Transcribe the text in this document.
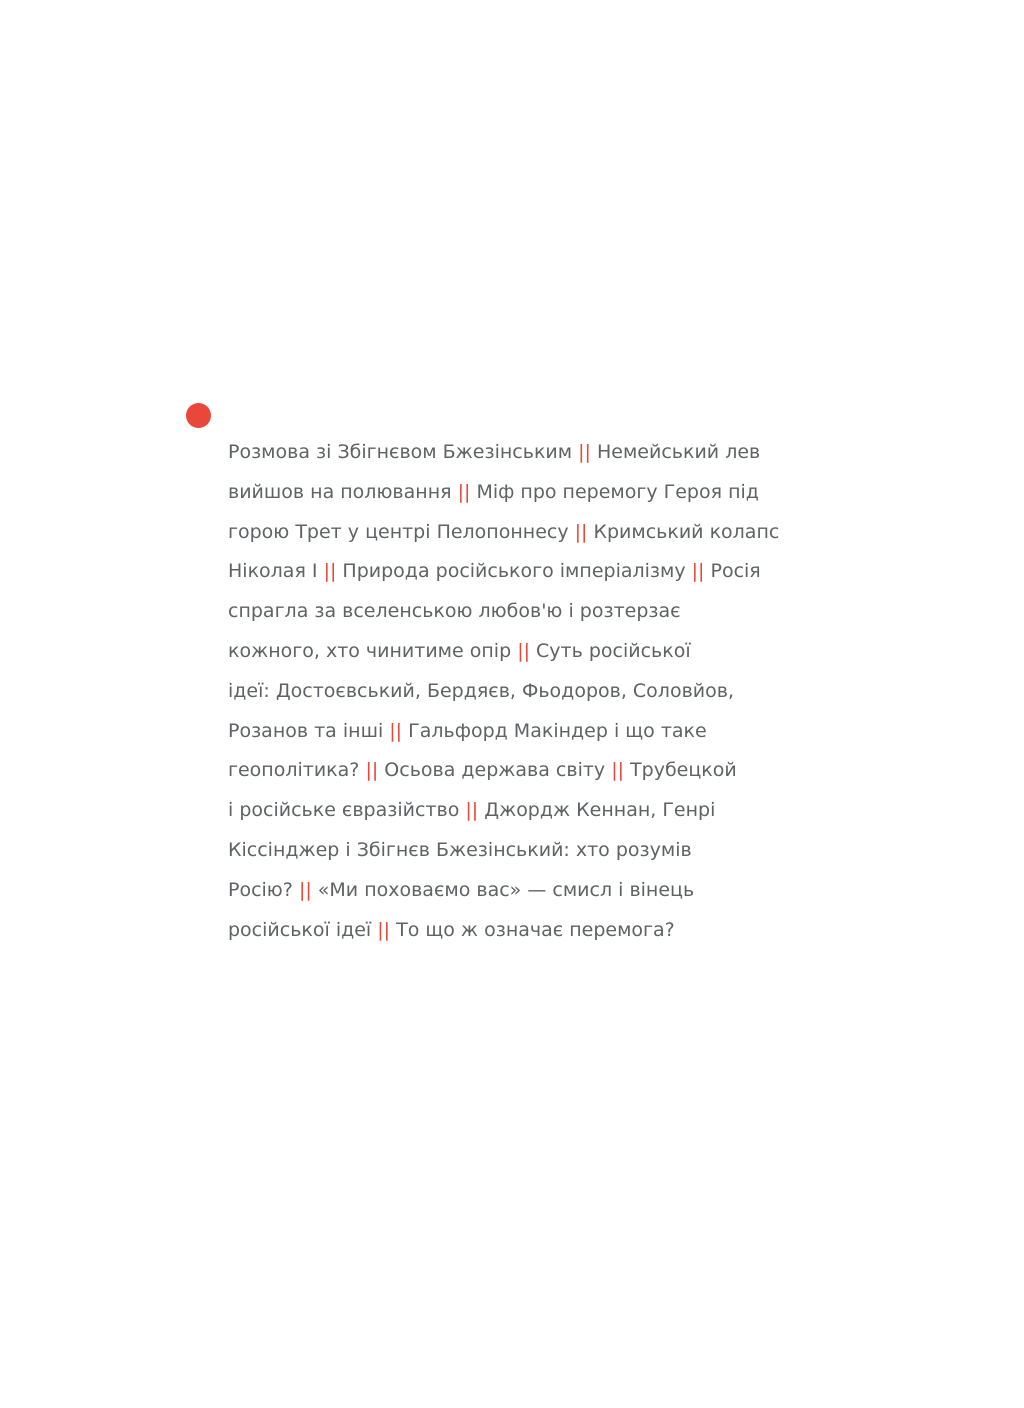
Розмова зі Збігнєвом Бжезінським || Немейський лев
вийшов на полювання || Міф про перемогу Героя під
горою Трет у центрі Пелопоннесу || Кримський колапс
Ніколая I || Природа російського імперіалізму || Росія
спрагла за вселенською любов'ю і розтерзає
кожного, хто чинитиме опір || Суть російської
ідеї: Достоєвський, Бердяєв, Фьодоров, Соловйов,
Розанов та інші || Гальфорд Макіндер і що таке
геополітика? || Осьова держава світу || Трубецкой
і російське євразійство || Джордж Кеннан, Генрі
Кіссінджер і Збігнєв Бжезінський: хто розумів
Росію? || «Ми поховаємо вас» — смисл і вінець
російської ідеї || То що ж означає перемога?
